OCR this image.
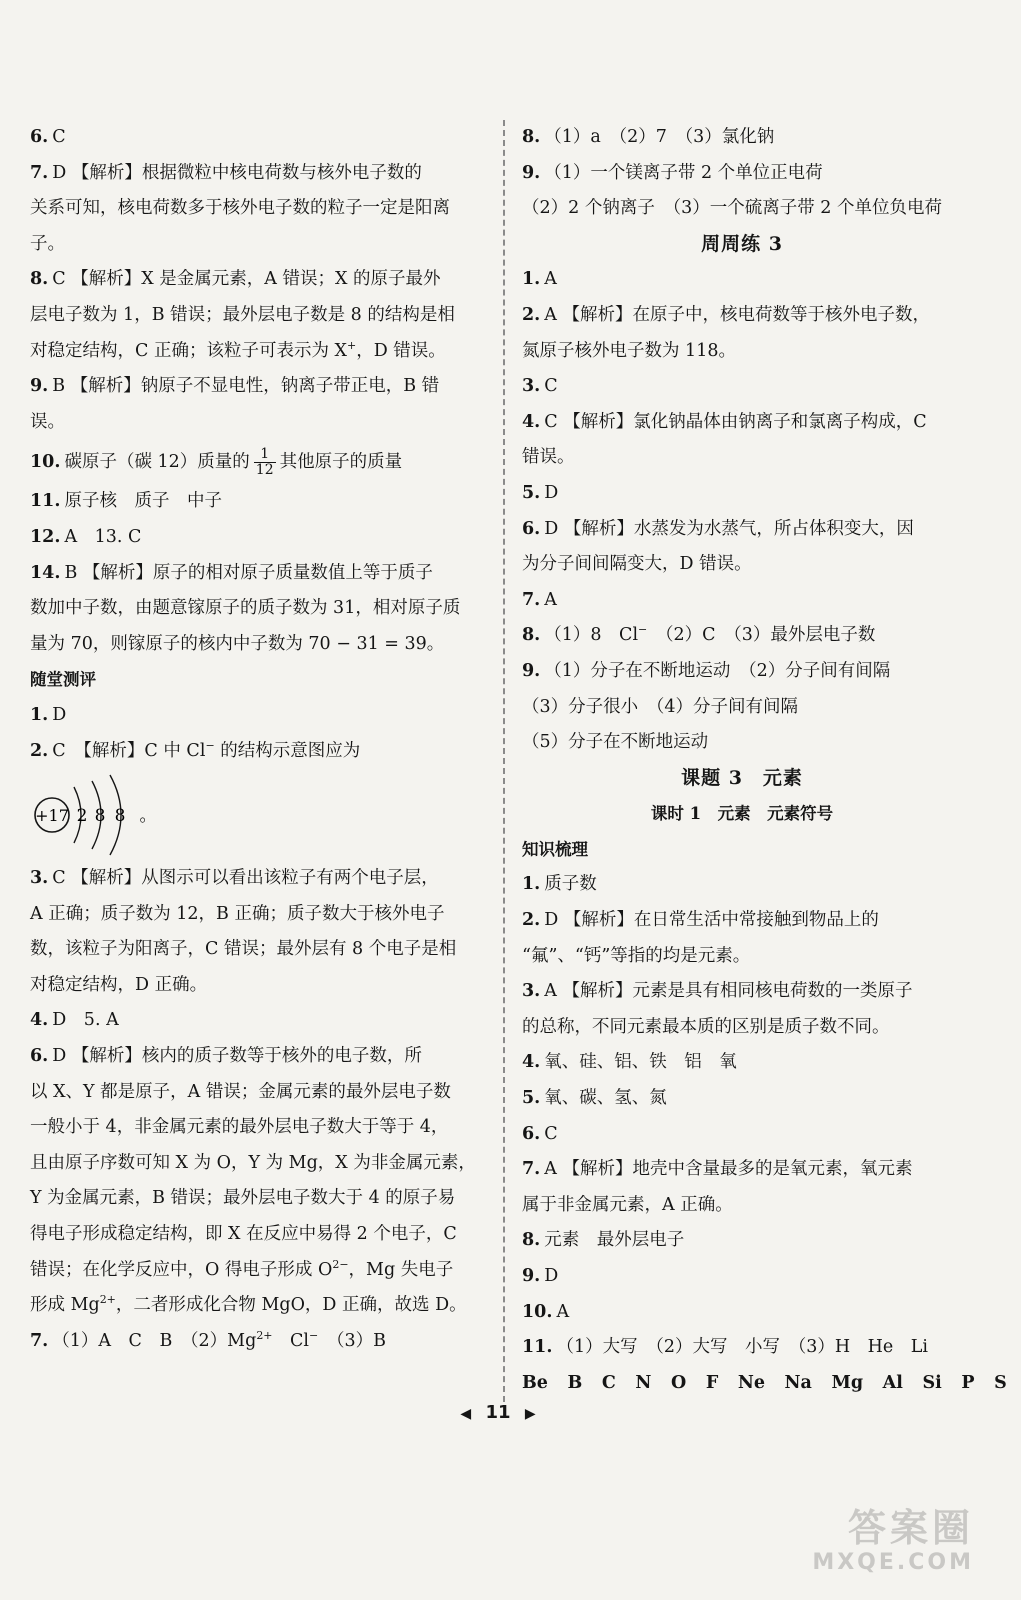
6. C
7. D 【解析】根据微粒中核电荷数与核外电子数的
关系可知，核电荷数多于核外电子数的粒子一定是阳离
子。
8. C 【解析】X 是金属元素，A 错误；X 的原子最外
层电子数为 1，B 错误；最外层电子数是 8 的结构是相
对稳定结构，C 正确；该粒子可表示为 X+，D 错误。
9. B 【解析】钠原子不显电性，钠离子带正电，B 错
误。
10. 碳原子（碳 12）质量的 $\frac{1}{12}$ 其他原子的质量
11. 原子核　质子　中子
12. A　13. C
14. B 【解析】原子的相对原子质量数值上等于质子
数加中子数，由题意镓原子的质子数为 31，相对原子质
量为 70，则镓原子的核内中子数为 70 − 31 = 39。
随堂测评
1. D
2. C　【解析】C 中 Cl− 的结构示意图应为
+17 2 8 8 。
3. C 【解析】从图示可以看出该粒子有两个电子层，
A 正确；质子数为 12，B 正确；质子数大于核外电子
数，该粒子为阳离子，C 错误；最外层有 8 个电子是相
对稳定结构，D 正确。
4. D　5. A
6. D 【解析】核内的质子数等于核外的电子数，所
以 X、Y 都是原子，A 错误；金属元素的最外层电子数
一般小于 4，非金属元素的最外层电子数大于等于 4，
且由原子序数可知 X 为 O，Y 为 Mg，X 为非金属元素，
Y 为金属元素，B 错误；最外层电子数大于 4 的原子易
得电子形成稳定结构，即 X 在反应中易得 2 个电子，C
错误；在化学反应中，O 得电子形成 $O^{2-}$，Mg 失电子
形成 $Mg^{2+}$，二者形成化合物 MgO，D 正确，故选 D。
7. （1）A　C　B　$(2)Mg^{2+}$　 Cl−　 （3）B
8. （1）a　（2）7　（3）氯化钠
9. （1）一个镁离子带 2 个单位正电荷
（2）2 个钠离子　（3）一个硫离子带 2 个单位负电荷
周周练 3
1. A
2. A 【解析】在原子中，核电荷数等于核外电子数，
氮原子核外电子数为 118。
3. C
4. C 【解析】氯化钠晶体由钠离子和氯离子构成，C
错误。
5. D
6. D 【解析】水蒸发为水蒸气，所占体积变大，因
为分子间间隔变大，D 错误。
7. A
8. （1）8　Cl−　 （2）C　（3）最外层电子数
9. （1）分子在不断地运动　（2）分子间有间隔
（3）分子很小　（4）分子间有间隔
（5）分子在不断地运动
课题 3　元素
课时 1　元素　元素符号
知识梳理
1. 质子数
2. D 【解析】在日常生活中常接触到物品上的
“氟”、“钙”等指的均是元素。
3. A 【解析】元素是具有相同核电荷数的一类原子
的总称，不同元素最本质的区别是质子数不同。
4. 氧、硅、铝、铁　铝　氧
5. 氧、碳、氢、氮
6. C
7. A 【解析】地壳中含量最多的是氧元素，氧元素
属于非金属元素，A 正确。
8. 元素　最外层电子
9. D
10. A
11. （1）大写　（2）大写　小写　（3）H　He　Li
Be B C N O F Ne Na Mg Al Si P S
◀ 11 ▶
答案圈
MXQE.COM
